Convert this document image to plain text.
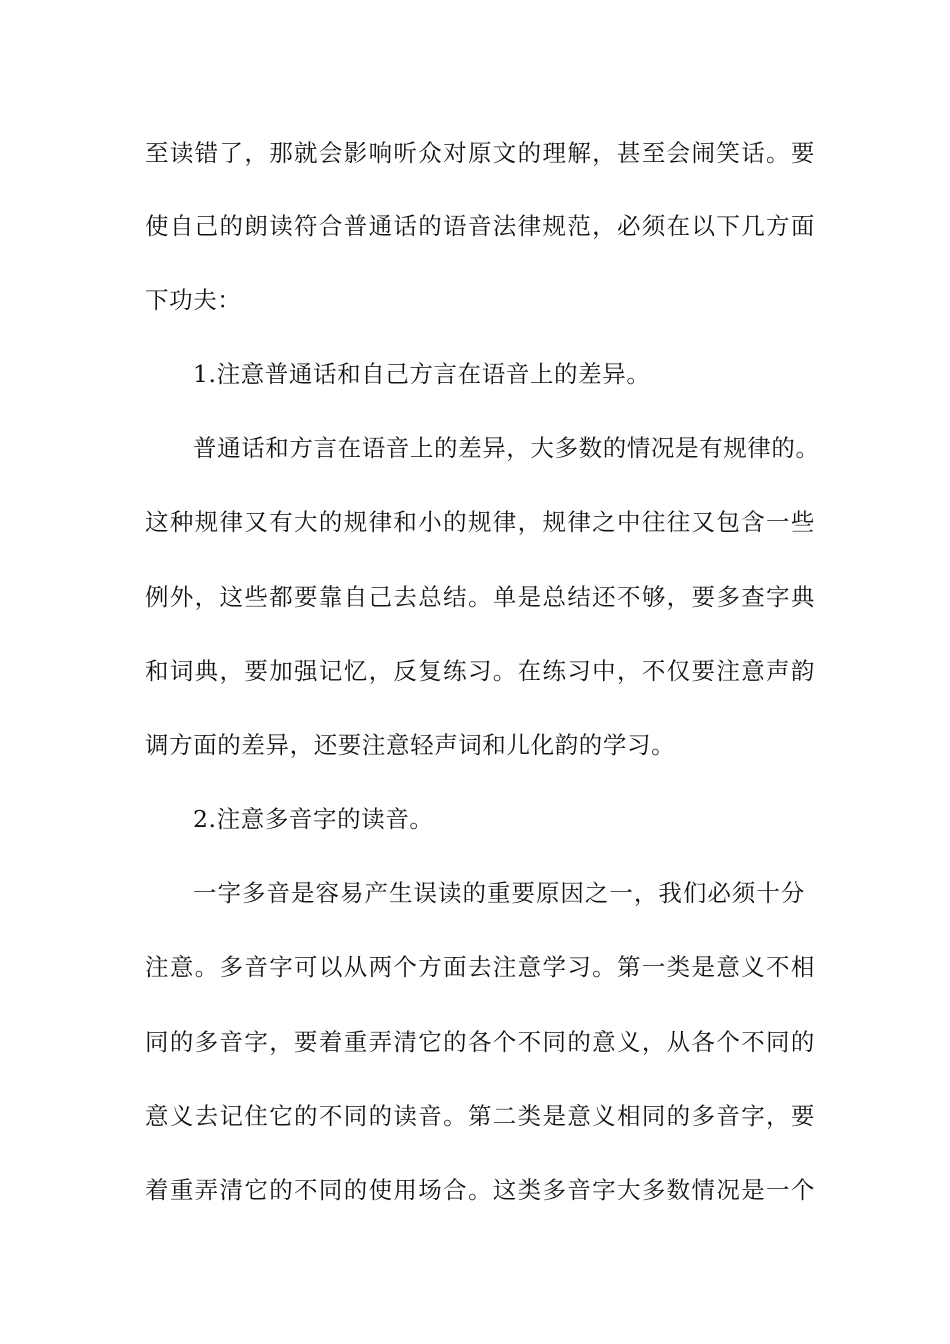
至读错了，那就会影响听众对原文的理解，甚至会闹笑话。要
使自己的朗读符合普通话的语音法律规范，必须在以下几方面
下功夫：
1.注意普通话和自己方言在语音上的差异。
普通话和方言在语音上的差异，大多数的情况是有规律的。
这种规律又有大的规律和小的规律，规律之中往往又包含一些
例外，这些都要靠自己去总结。单是总结还不够，要多查字典
和词典，要加强记忆，反复练习。在练习中，不仅要注意声韵
调方面的差异，还要注意轻声词和儿化韵的学习。
2.注意多音字的读音。
一字多音是容易产生误读的重要原因之一，我们必须十分
注意。多音字可以从两个方面去注意学习。第一类是意义不相
同的多音字，要着重弄清它的各个不同的意义，从各个不同的
意义去记住它的不同的读音。第二类是意义相同的多音字，要
着重弄清它的不同的使用场合。这类多音字大多数情况是一个
